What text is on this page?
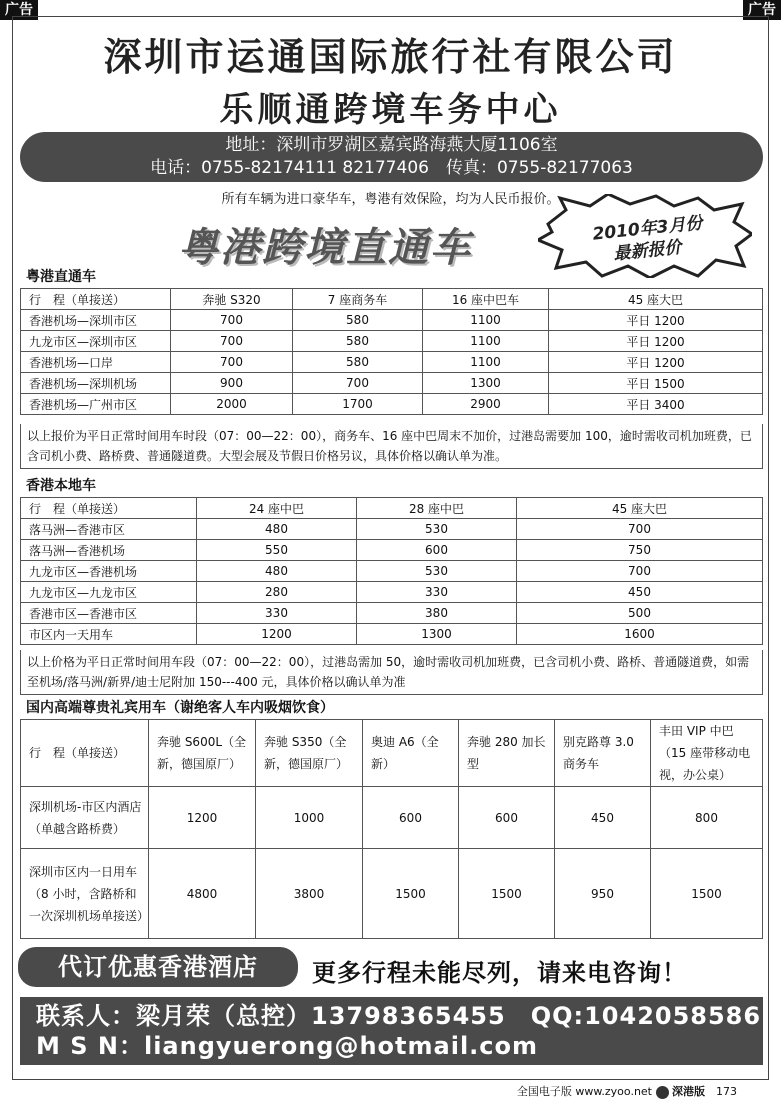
广告	广告
深圳市运通国际旅行社有限公司
乐顺通跨境车务中心
地址：深圳市罗湖区嘉宾路海燕大厦1106室
电话：0755-82174111 82177406　 传真：0755-82177063
所有车辆为进口豪华车，粤港有效保险，均为人民币报价。
粤港跨境直通车	2010年3月份
最新报价
粤港直通车
行　程（单接送）	奔驰 S320	7 座商务车	16 座中巴车	45 座大巴
香港机场—深圳市区	700	580	1100	平日 1200
九龙市区—深圳市区	700	580	1100	平日 1200
香港机场—口岸	700	580	1100	平日 1200
香港机场—深圳机场	900	700	1300	平日 1500
香港机场—广州市区	2000	1700	2900	平日 3400
以上报价为平日正常时间用车时段（07：00—22：00），商务车、16 座中巴周末不加价，过港岛需要加 100，逾时需收司机加班费，已含司机小费、路桥费、普通隧道费。大型会展及节假日价格另议，具体价格以确认单为准。
香港本地车
行　程（单接送）	24 座中巴	28 座中巴	45 座大巴
落马洲—香港市区	480	530	700
落马洲—香港机场	550	600	750
九龙市区—香港机场	480	530	700
九龙市区—九龙市区	280	330	450
香港市区—香港市区	330	380	500
市区内一天用车	1200	1300	1600
以上价格为平日正常时间用车段（07：00—22：00），过港岛需加 50，逾时需收司机加班费，已含司机小费、路桥、普通隧道费，如需至机场/落马洲/新界/迪士尼附加 150---400 元，具体价格以确认单为准
国内高端尊贵礼宾用车（谢绝客人车内吸烟饮食）
行　程（单接送）	奔驰 S600L（全新，德国原厂）	奔驰 S350（全新，德国原厂）	奥迪 A6（全新）	奔驰 280 加长型	别克路尊 3.0 商务车	丰田 VIP 中巴（15 座带移动电视，办公桌）
深圳机场-市区内酒店（单越含路桥费）	1200	1000	600	600	450	800
深圳市区内一日用车（8 小时，含路桥和一次深圳机场单接送）	4800	3800	1500	1500	950	1500
代订优惠香港酒店	更多行程未能尽列，请来电咨询！
联系人：梁月荣（总控）13798365455　QQ:1042058586
M S N：liangyuerong@hotmail.com
全国电子版 www.zyoo.net 深港版　 173
